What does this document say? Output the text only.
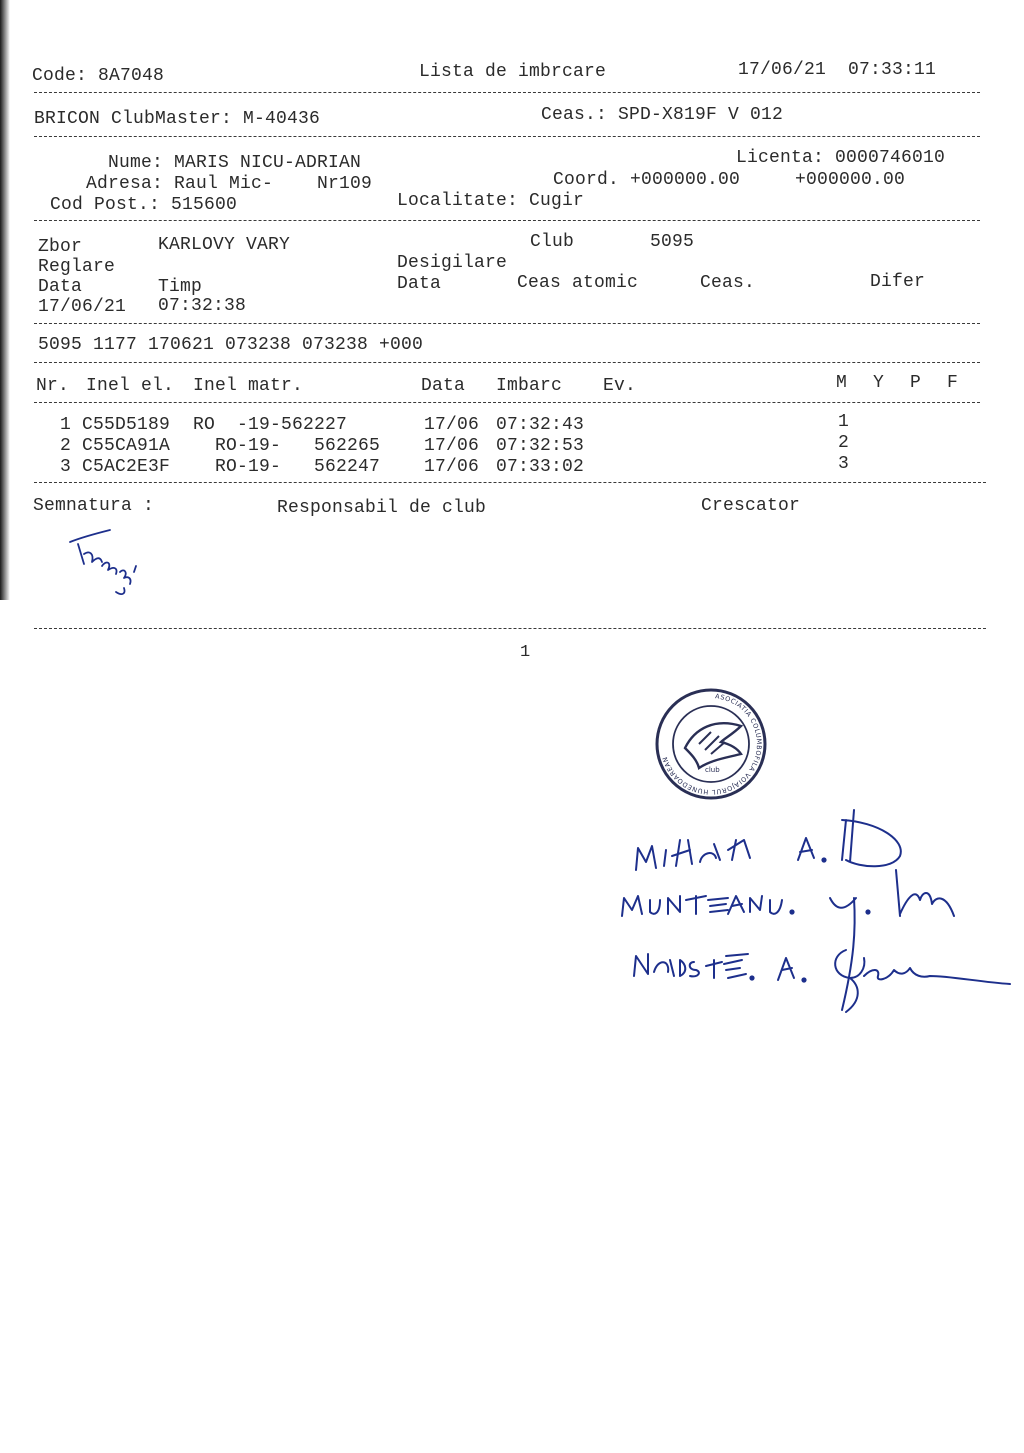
Code: 8A7048	Lista de imbrcare	17/06/21  07:33:11
BRICON ClubMaster: M-40436	Ceas.: SPD-X819F V 012
Nume: MARIS NICU-ADRIAN	Licenta: 0000746010
Adresa: Raul Mic-    Nr109	Coord. +000000.00     +000000.00
Cod Post.: 515600	Localitate: Cugir
Zbor	KARLOVY VARY	Club	5095
Reglare	Desigilare
Data	Timp	Data	Ceas atomic	Ceas.	Difer
17/06/21 07:32:38
5095 1177 170621 073238 073238 +000
Nr. Inel el. Inel matr.	Data Imbarc Ev.	M Y P F
1 C55D5189 RO  -19-562227	17/06 07:32:43	1
2 C55CA91A RO-19-   562265 17/06 07:32:53	2
3 C5AC2E3F RO-19-   562247 17/06 07:33:02	3
Semnatura :	Responsabil de club	Crescator
1
club
ASOCIATIA COLUMBOFILA VOIAJORUL HUNEDOAREAN
